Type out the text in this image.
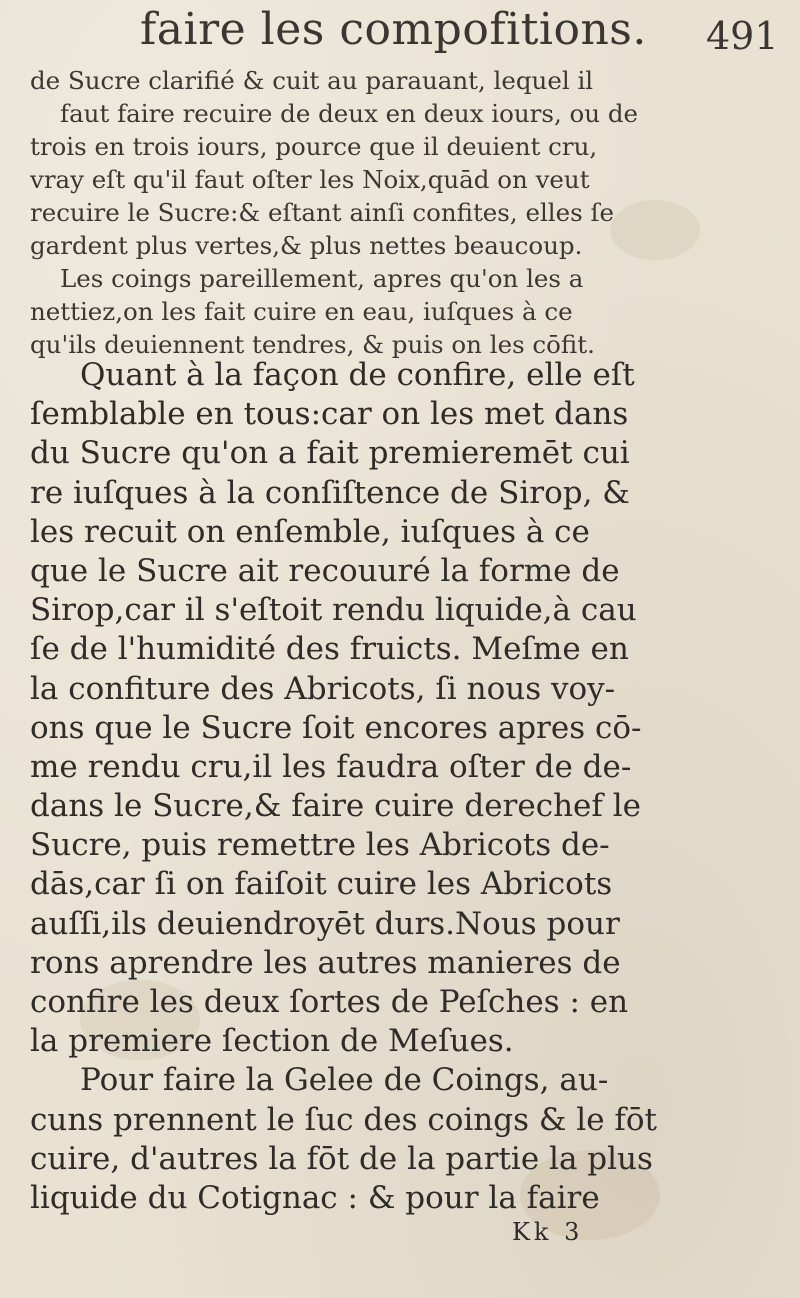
faire les compofitions. 491
de Sucre clarifié & cuit au parauant, lequel il
faut faire recuire de deux en deux iours, ou de
trois en trois iours, pource que il deuient cru,
vray eſt qu'il faut oſter les Noix,quād on veut
recuire le Sucre:& eſtant ainſi confites, elles ſe
gardent plus vertes,& plus nettes beaucoup.
Les coings pareillement, apres qu'on les a
nettiez,on les fait cuire en eau, iuſques à ce
qu'ils deuiennent tendres, & puis on les cōfit.
Quant à la façon de confire, elle eſt
ſemblable en tous:car on les met dans
du Sucre qu'on a fait premieremēt cui
re iuſques à la conſiſtence de Sirop, &
les recuit on enſemble, iuſques à ce
que le Sucre ait recouuré la forme de
Sirop,car il s'eſtoit rendu liquide,à cau
ſe de l'humidité des fruicts. Meſme en
la confiture des Abricots, ſi nous voy-
ons que le Sucre ſoit encores apres cō-
me rendu cru,il les faudra oſter de de-
dans le Sucre,& faire cuire derechef le
Sucre, puis remettre les Abricots de-
dās,car ſi on faiſoit cuire les Abricots
auſſi,ils deuiendroyēt durs.Nous pour
rons aprendre les autres manieres de
confire les deux ſortes de Peſches : en
la premiere ſection de Meſues.
Pour faire la Gelee de Coings, au-
cuns prennent le ſuc des coings & le fōt
cuire, d'autres la fōt de la partie la plus
liquide du Cotignac : & pour la faire
Kk 3
